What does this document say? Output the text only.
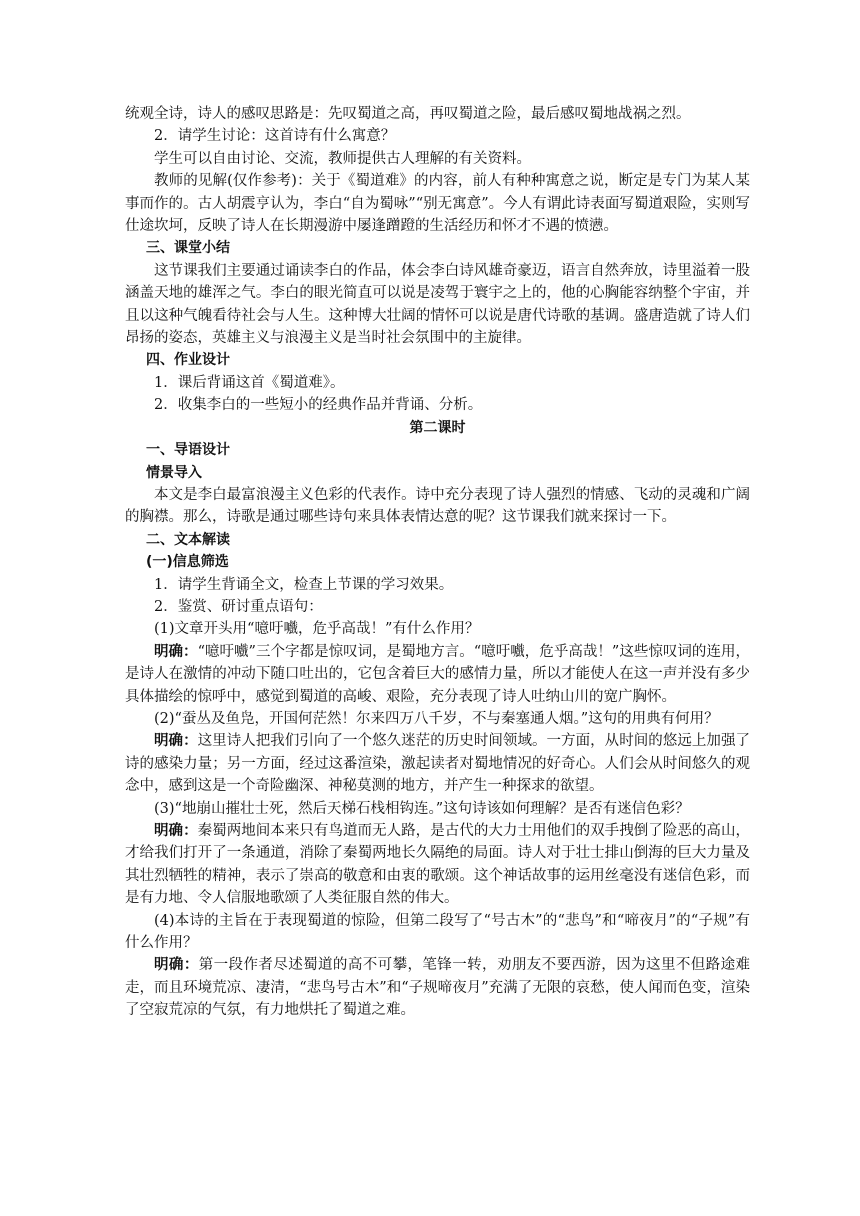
统观全诗，诗人的感叹思路是：先叹蜀道之高，再叹蜀道之险，最后感叹蜀地战祸之烈。

2．请学生讨论：这首诗有什么寓意？

学生可以自由讨论、交流，教师提供古人理解的有关资料。

教师的见解(仅作参考)：关于《蜀道难》的内容，前人有种种寓意之说，断定是专门为某人某事而作的。古人胡震亨认为，李白“自为蜀咏”“别无寓意”。今人有谓此诗表面写蜀道艰险，实则写仕途坎坷，反映了诗人在长期漫游中屡逢蹭蹬的生活经历和怀才不遇的愤懑。

三、课堂小结

这节课我们主要通过诵读李白的作品，体会李白诗风雄奇豪迈，语言自然奔放，诗里溢着一股涵盖天地的雄浑之气。李白的眼光简直可以说是凌驾于寰宇之上的，他的心胸能容纳整个宇宙，并且以这种气魄看待社会与人生。这种博大壮阔的情怀可以说是唐代诗歌的基调。盛唐造就了诗人们昂扬的姿态，英雄主义与浪漫主义是当时社会氛围中的主旋律。

四、作业设计

1．课后背诵这首《蜀道难》。

2．收集李白的一些短小的经典作品并背诵、分析。

第二课时

一、导语设计

情景导入

本文是李白最富浪漫主义色彩的代表作。诗中充分表现了诗人强烈的情感、飞动的灵魂和广阔的胸襟。那么，诗歌是通过哪些诗句来具体表情达意的呢？这节课我们就来探讨一下。

二、文本解读

(一)信息筛选

1．请学生背诵全文，检查上节课的学习效果。

2．鉴赏、研讨重点语句：

(1)文章开头用“噫吁嚱，危乎高哉！”有什么作用？

明确：“噫吁嚱”三个字都是惊叹词，是蜀地方言。“噫吁嚱，危乎高哉！”这些惊叹词的连用，是诗人在激情的冲动下随口吐出的，它包含着巨大的感情力量，所以才能使人在这一声并没有多少具体描绘的惊呼中，感觉到蜀道的高峻、艰险，充分表现了诗人吐纳山川的宽广胸怀。

(2)“蚕丛及鱼凫，开国何茫然！尔来四万八千岁，不与秦塞通人烟。”这句的用典有何用？

明确：这里诗人把我们引向了一个悠久迷茫的历史时间领域。一方面，从时间的悠远上加强了诗的感染力量；另一方面，经过这番渲染，激起读者对蜀地情况的好奇心。人们会从时间悠久的观念中，感到这是一个奇险幽深、神秘莫测的地方，并产生一种探求的欲望。

(3)“地崩山摧壮士死，然后天梯石栈相钩连。”这句诗该如何理解？是否有迷信色彩？

明确：秦蜀两地间本来只有鸟道而无人路，是古代的大力士用他们的双手拽倒了险恶的高山，才给我们打开了一条通道，消除了秦蜀两地长久隔绝的局面。诗人对于壮士排山倒海的巨大力量及其壮烈牺牲的精神，表示了崇高的敬意和由衷的歌颂。这个神话故事的运用丝毫没有迷信色彩，而是有力地、令人信服地歌颂了人类征服自然的伟大。

(4)本诗的主旨在于表现蜀道的惊险，但第二段写了“号古木”的“悲鸟”和“啼夜月”的“子规”有什么作用？

明确：第一段作者尽述蜀道的高不可攀，笔锋一转，劝朋友不要西游，因为这里不但路途难走，而且环境荒凉、凄清，“悲鸟号古木”和“子规啼夜月”充满了无限的哀愁，使人闻而色变，渲染了空寂荒凉的气氛，有力地烘托了蜀道之难。
